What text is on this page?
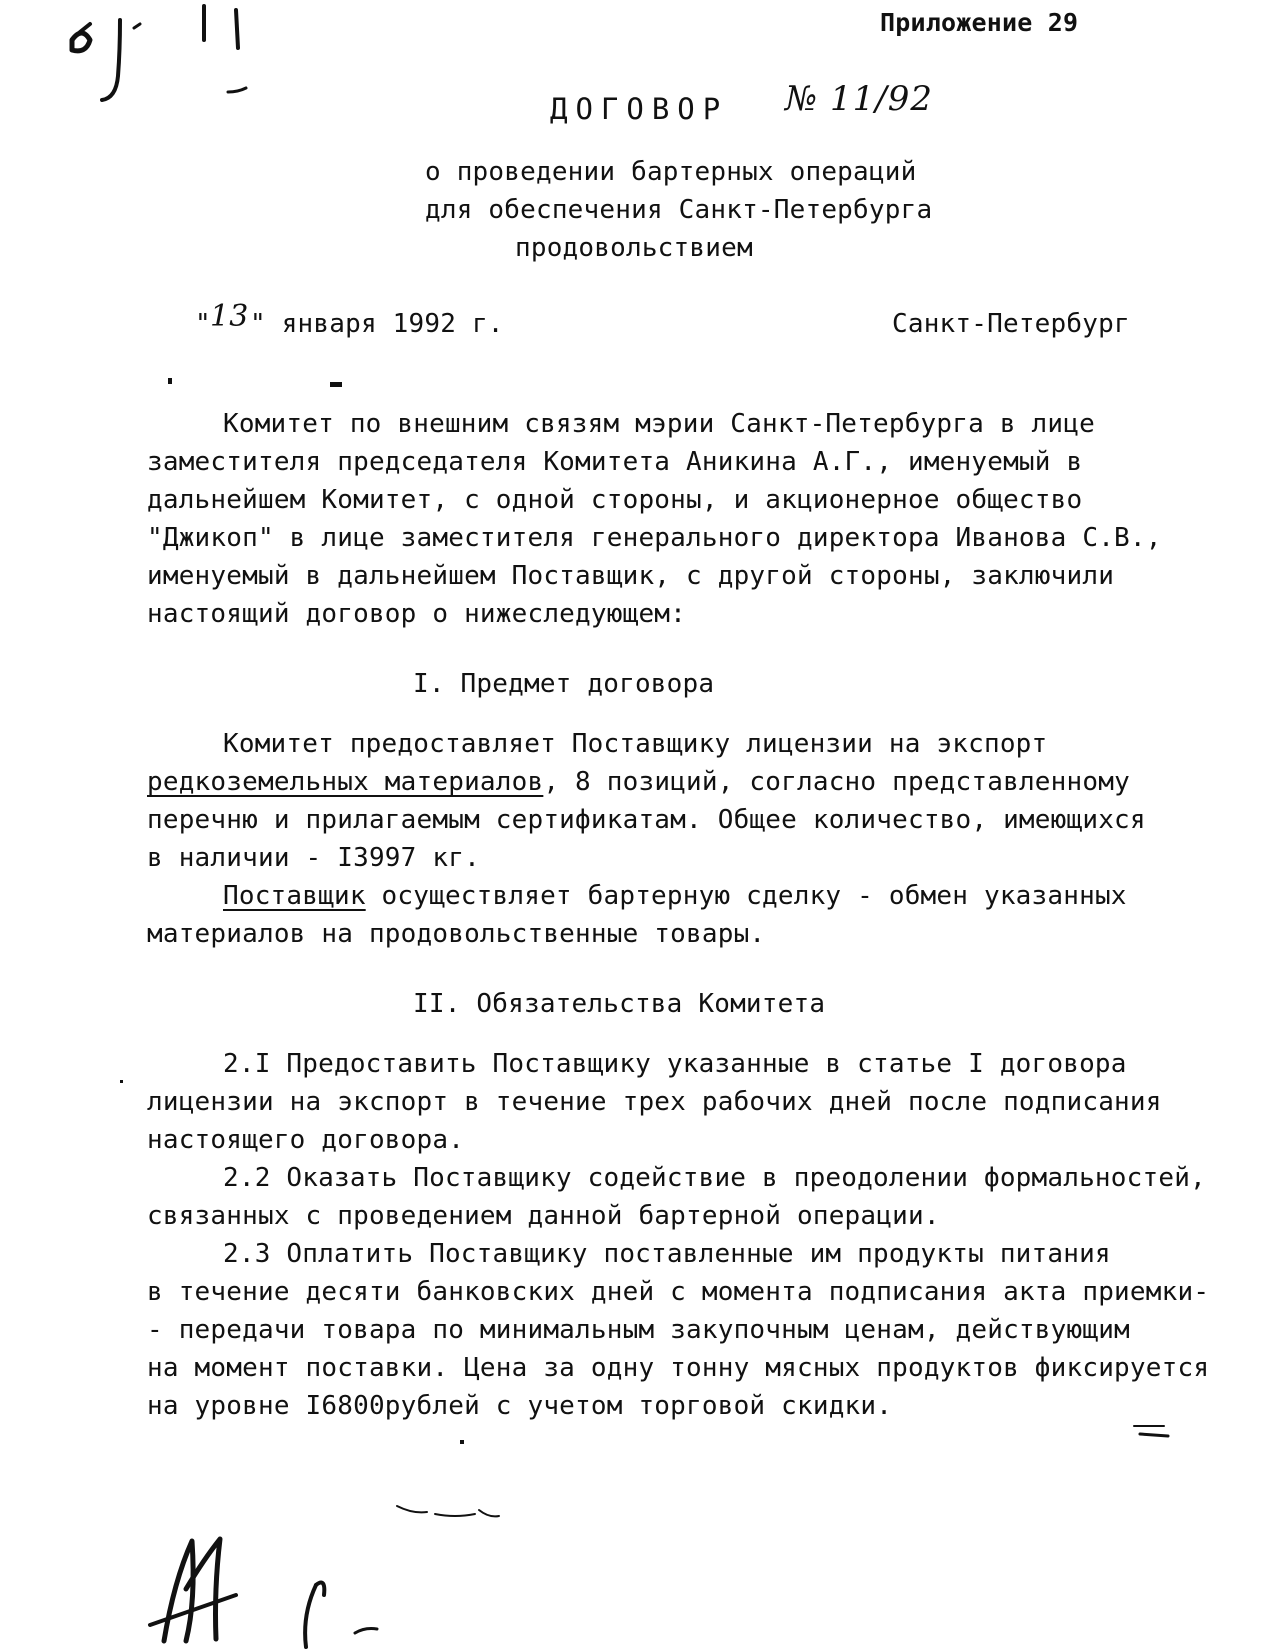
Приложение 29
ДОГОВОР № 11/92
о проведении бартерных операций
для обеспечения Санкт-Петербурга
продовольствием
" 13 " января 1992 г.	Санкт-Петербург
Комитет по внешним связям мэрии Санкт-Петербурга в лице
заместителя председателя Комитета Аникина А.Г., именуемый в
дальнейшем Комитет, с одной стороны, и акционерное общество
"Джикоп" в лице заместителя генерального директора Иванова С.В.,
именуемый в дальнейшем Поставщик, с другой стороны, заключили
настоящий договор о нижеследующем:
I. Предмет договора
Комитет предоставляет Поставщику лицензии на экспорт
редкоземельных материалов, 8 позиций, согласно представленному
перечню и прилагаемым сертификатам. Общее количество, имеющихся
в наличии - I3997 кг.
Поставщик осуществляет бартерную сделку - обмен указанных
материалов на продовольственные товары.
II. Обязательства Комитета
2.I Предоставить Поставщику указанные в статье I договора
лицензии на экспорт в течение трех рабочих дней после подписания
настоящего договора.
2.2 Оказать Поставщику содействие в преодолении формальностей,
связанных с проведением данной бартерной операции.
2.3 Оплатить Поставщику поставленные им продукты питания
в течение десяти банковских дней с момента подписания акта приемки-
- передачи товара по минимальным закупочным ценам, действующим
на момент поставки. Цена за одну тонну мясных продуктов фиксируется
на уровне I6800рублей с учетом торговой скидки.
